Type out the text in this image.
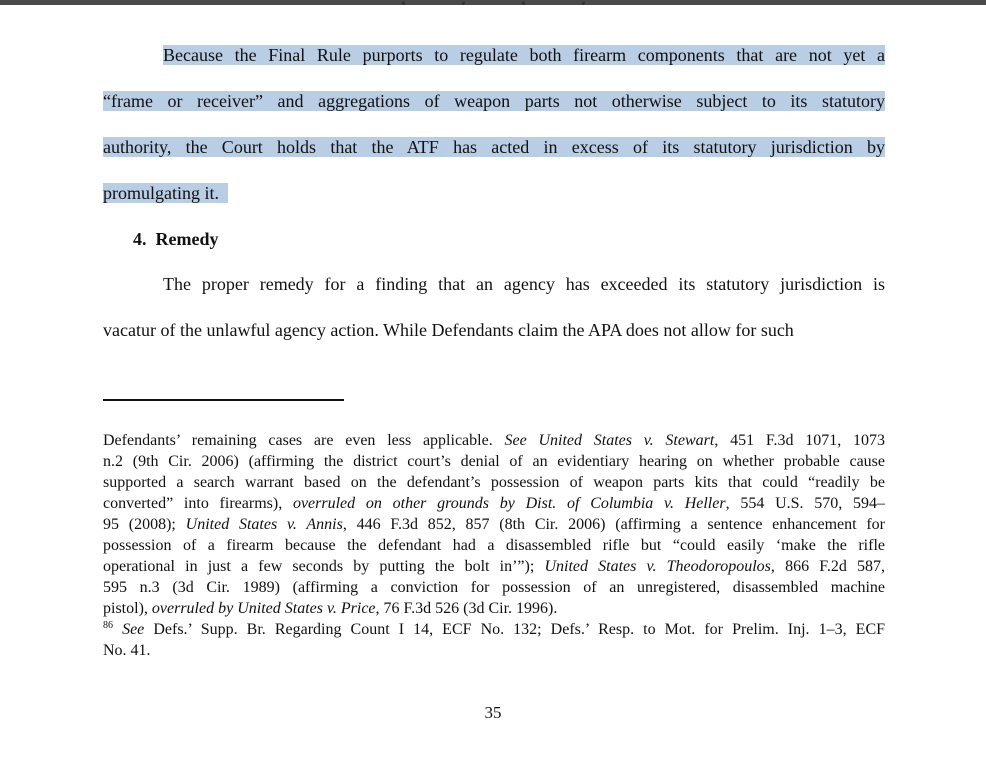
*	*	*	*
Because the Final Rule purports to regulate both firearm components that are not yet a
“frame or receiver” and aggregations of weapon parts not otherwise subject to its statutory
authority, the Court holds that the ATF has acted in excess of its statutory jurisdiction by
promulgating it.
4. Remedy
The proper remedy for a finding that an agency has exceeded its statutory jurisdiction is
vacatur of the unlawful agency action. While Defendants claim the APA does not allow for such
Defendants’ remaining cases are even less applicable. See United States v. Stewart, 451 F.3d 1071, 1073
n.2 (9th Cir. 2006) (affirming the district court’s denial of an evidentiary hearing on whether probable cause
supported a search warrant based on the defendant’s possession of weapon parts kits that could “readily be
converted” into firearms), overruled on other grounds by Dist. of Columbia v. Heller, 554 U.S. 570, 594–
95 (2008); United States v. Annis, 446 F.3d 852, 857 (8th Cir. 2006) (affirming a sentence enhancement for
possession of a firearm because the defendant had a disassembled rifle but “could easily ‘make the rifle
operational in just a few seconds by putting the bolt in’”); United States v. Theodoropoulos, 866 F.2d 587,
595 n.3 (3d Cir. 1989) (affirming a conviction for possession of an unregistered, disassembled machine
pistol), overruled by United States v. Price, 76 F.3d 526 (3d Cir. 1996).
$^{86}$ See Defs.’ Supp. Br. Regarding Count I 14, ECF No. 132; Defs.’ Resp. to Mot. for Prelim. Inj. 1–3, ECF
No. 41.
35
